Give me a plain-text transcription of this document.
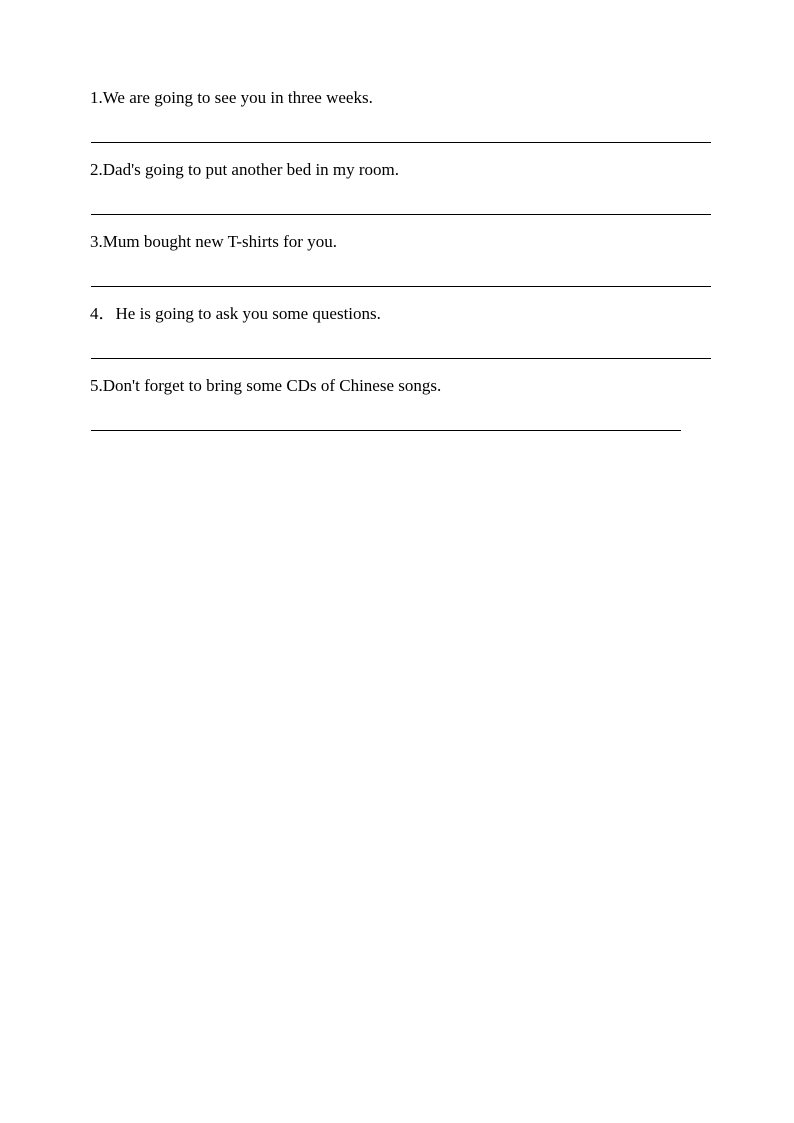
1.We are going to see you in three weeks.
2.Dad's going to put another bed in my room.
3.Mum bought new T-shirts for you.
4．He is going to ask you some questions.
5.Don't forget to bring some CDs of Chinese songs.
